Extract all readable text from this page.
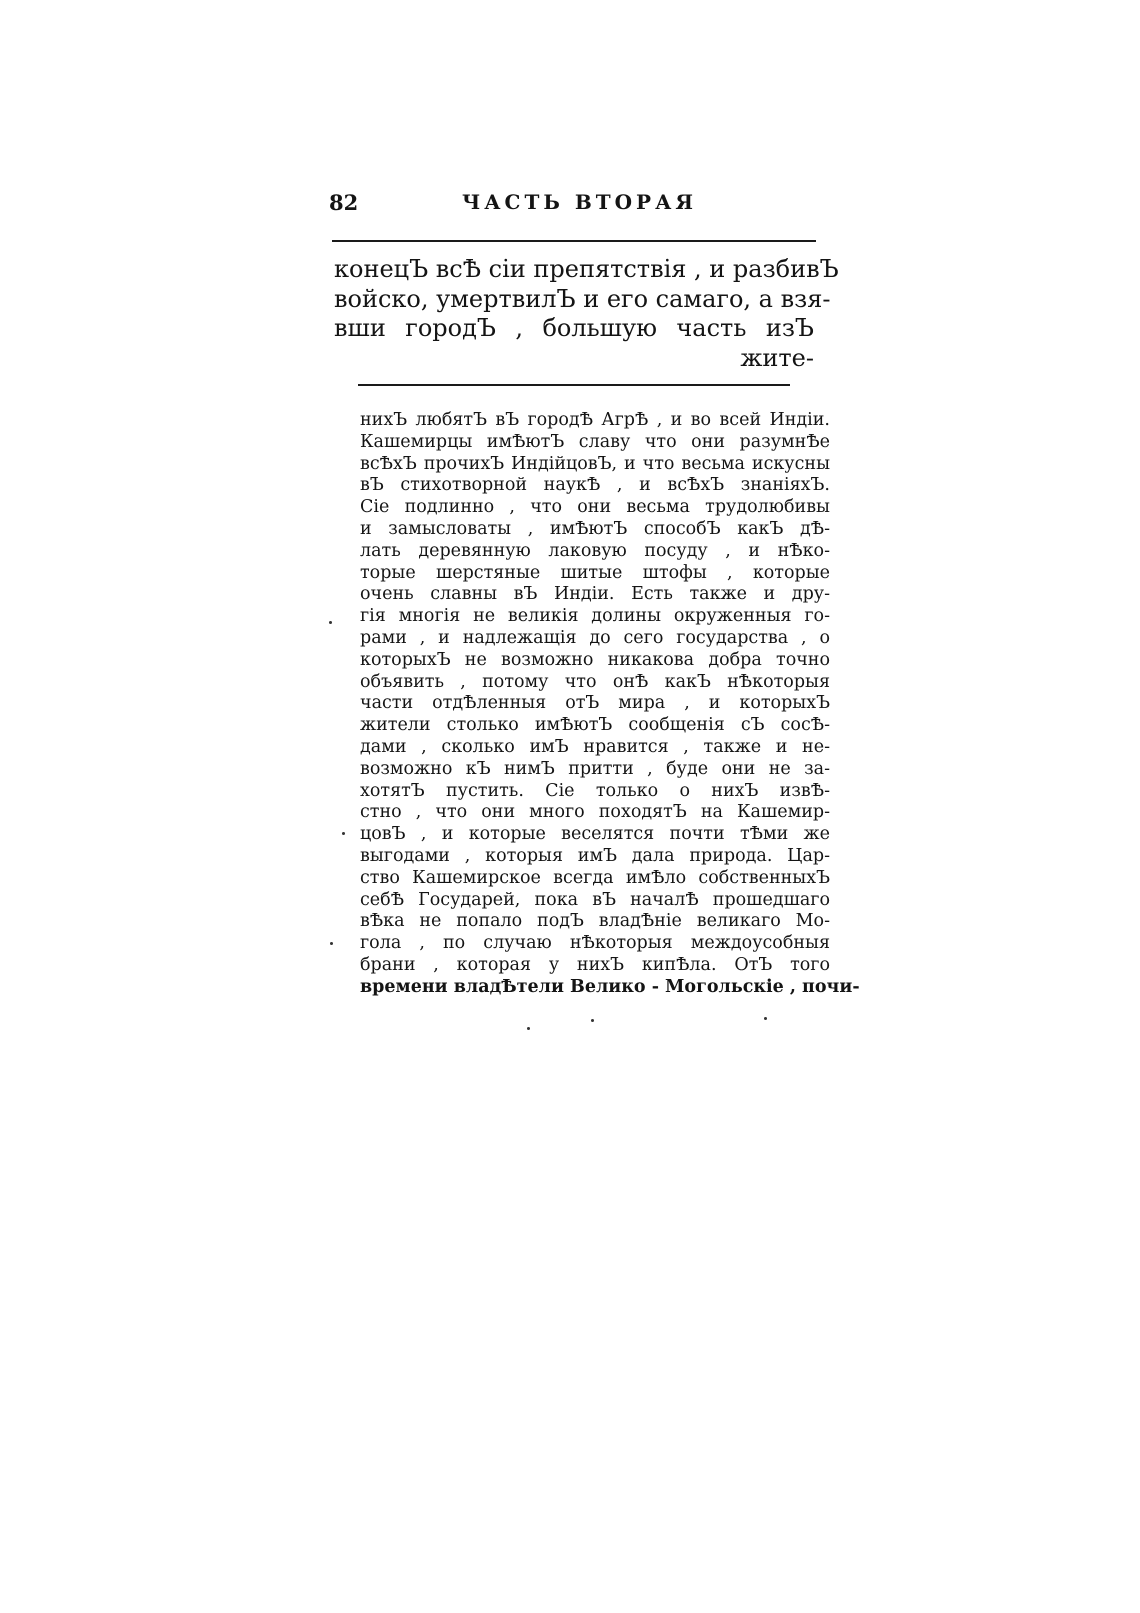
82	ЧАСТЬ ВТОРАЯ
конецЪ всѢ сіи препятствія , и разбивЪ
войско, умертвилЪ и его самаго, а взя-
вши городЪ , большую часть изЪ
жите-
нихЪ любятЪ вЪ городѢ АгрѢ , и во всей Индіи.
Кашемирцы имѢютЪ славу что они разумнѢе
всѢхЪ прочихЪ ИндійцовЪ, и что весьма искусны
вЪ стихотворной наукѢ , и всѢхЪ знаніяхЪ.
Сіе подлинно , что они весьма трудолюбивы
и замысловаты , имѢютЪ способЪ какЪ дѢ-
лать деревянную лаковую посуду , и нѢко-
торые шерстяные шитые штофы , которые
очень славны вЪ Индіи. Есть также и дру-
гія многія не великія долины окруженныя го-
рами , и надлежащія до сего государства , о
которыхЪ не возможно никакова добра точно
объявить , потому что онѢ какЪ нѢкоторыя
части отдѢленныя отЪ мира , и которыхЪ
жители столько имѢютЪ сообщенія сЪ сосѢ-
дами , сколько имЪ нравится , также и не-
возможно кЪ нимЪ притти , буде они не за-
хотятЪ пустить. Сіе только о нихЪ извѢ-
стно , что они много походятЪ на Кашемир-
цовЪ , и которые веселятся почти тѢми же
выгодами , которыя имЪ дала природа. Цар-
ство Кашемирское всегда имѢло собственныхЪ
себѢ Государей, пока вЪ началѢ прошедшаго
вѢка не попало подЪ владѢніе великаго Мо-
гола , по случаю нѢкоторыя междоусобныя
брани , которая у нихЪ кипѢла. ОтЪ того
времени владѢтели Велико - Могольскіе , почи-
